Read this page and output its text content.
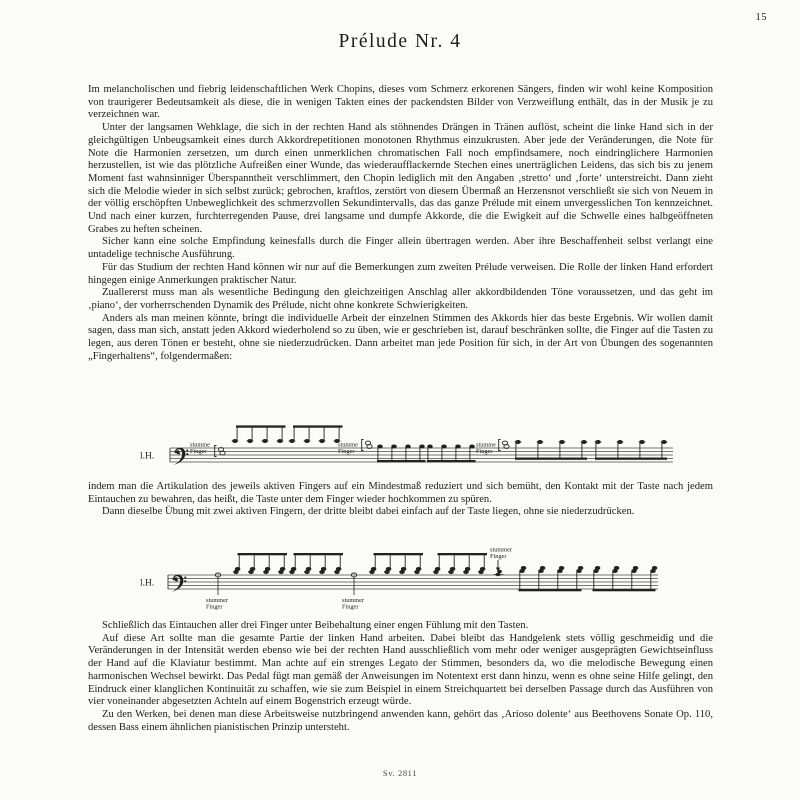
15
Prélude Nr. 4

Im melancholischen und fiebrig leidenschaftlichen Werk Chopins, dieses vom Schmerz erkorenen Sängers, finden wir wohl keine Komposition von traurigerer Bedeutsamkeit als diese, die in wenigen Takten eines der packendsten Bilder von Verzweiflung enthält, das in der Musik je zu verzeichnen war.

Unter der langsamen Wehklage, die sich in der rechten Hand als stöhnendes Drängen in Tränen auflöst, scheint die linke Hand sich in der gleichgültigen Unbeugsamkeit eines durch Akkordrepetitionen monotonen Rhythmus einzukrusten. Aber jede der Veränderungen, die Note für Note die Harmonien zersetzen, um durch einen unmerklichen chromatischen Fall noch empfindsamere, noch eindringlichere Harmonien herzustellen, ist wie das plötzliche Aufreißen einer Wunde, das wiederaufflackernde Stechen eines unerträglichen Leidens, das sich bis zu jenem Moment fast wahnsinniger Überspanntheit verschlimmert, den Chopin lediglich mit den Angaben ‚stretto‘ und ‚forte‘ unterstreicht. Dann zieht sich die Melodie wieder in sich selbst zurück; gebrochen, kraftlos, zerstört von diesem Übermaß an Herzensnot verschließt sie sich von Neuem in der völlig erschöpften Unbeweglichkeit des schmerzvollen Sekundintervalls, das das ganze Prélude mit einem unvergesslichen Ton kennzeichnet. Und nach einer kurzen, furchterregenden Pause, drei langsame und dumpfe Akkorde, die die Ewigkeit auf die Schwelle eines halbgeöffneten Grabes zu heften scheinen.

Sicher kann eine solche Empfindung keinesfalls durch die Finger allein übertragen werden. Aber ihre Beschaffenheit selbst verlangt eine untadelige technische Ausführung.

Für das Studium der rechten Hand können wir nur auf die Bemerkungen zum zweiten Prélude verweisen. Die Rolle der linken Hand erfordert hingegen einige Anmerkungen praktischer Natur.

Zuallererst muss man als wesentliche Bedingung den gleichzeitigen Anschlag aller akkordbildenden Töne voraussetzen, und das geht im ‚piano‘, der vorherrschenden Dynamik des Prélude, nicht ohne konkrete Schwierigkeiten.

Anders als man meinen könnte, bringt die individuelle Arbeit der einzelnen Stimmen des Akkords hier das beste Ergebnis. Wir wollen damit sagen, dass man sich, anstatt jeden Akkord wiederholend so zu üben, wie er geschrieben ist, darauf beschränken sollte, die Finger auf die Tasten zu legen, aus deren Tönen er besteht, ohne sie niederzudrücken. Dann arbeitet man jede Position für sich, in der Art von Übungen des sogenannten „Fingerhaltens“, folgendermaßen:

l.H.
stumme
Finger
stumme
Finger
stumme
Finger

indem man die Artikulation des jeweils aktiven Fingers auf ein Mindestmaß reduziert und sich bemüht, den Kontakt mit der Taste nach jedem Eintauchen zu bewahren, das heißt, die Taste unter dem Finger wieder hochkommen zu spüren.

Dann dieselbe Übung mit zwei aktiven Fingern, der dritte bleibt dabei einfach auf der Taste liegen, ohne sie niederzudrücken.

l.H.
stummer
Finger
stummer
Finger
stummer
Finger

Schließlich das Eintauchen aller drei Finger unter Beibehaltung einer engen Fühlung mit den Tasten.

Auf diese Art sollte man die gesamte Partie der linken Hand arbeiten. Dabei bleibt das Handgelenk stets völlig geschmeidig und die Veränderungen in der Intensität werden ebenso wie bei der rechten Hand ausschließlich vom mehr oder weniger ausgeprägten Gewichtseinfluss der Hand auf die Klaviatur bestimmt. Man achte auf ein strenges Legato der Stimmen, besonders da, wo die melodische Bewegung einen harmonischen Wechsel bewirkt. Das Pedal fügt man gemäß der Anweisungen im Notentext erst dann hinzu, wenn es ohne seine Hilfe gelingt, den Eindruck einer klanglichen Kontinuität zu schaffen, wie sie zum Beispiel in einem Streichquartett bei derselben Passage durch das Ausführen von vier voneinander abgesetzten Achteln auf einem Bogenstrich erzeugt würde.

Zu den Werken, bei denen man diese Arbeitsweise nutzbringend anwenden kann, gehört das ‚Arioso dolente‘ aus Beethovens Sonate Op. 110, dessen Bass einem ähnlichen pianistischen Prinzip untersteht.

Sv. 2811
